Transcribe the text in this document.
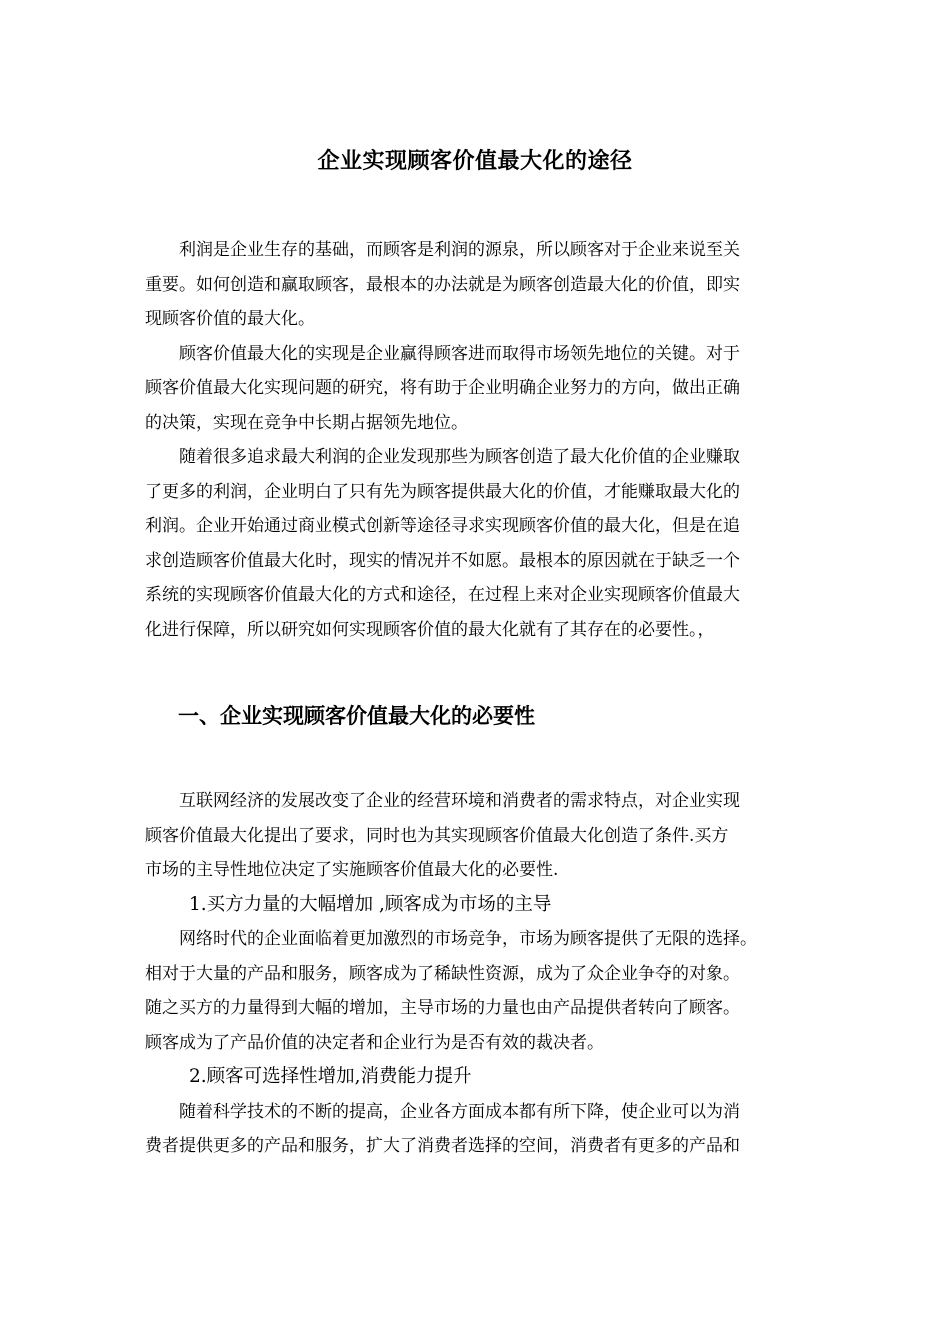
企业实现顾客价值最大化的途径
利润是企业生存的基础，而顾客是利润的源泉，所以顾客对于企业来说至关
重要。如何创造和赢取顾客，最根本的办法就是为顾客创造最大化的价值，即实
现顾客价值的最大化。
顾客价值最大化的实现是企业赢得顾客进而取得市场领先地位的关键。对于
顾客价值最大化实现问题的研究，将有助于企业明确企业努力的方向，做出正确
的决策，实现在竞争中长期占据领先地位。
随着很多追求最大利润的企业发现那些为顾客创造了最大化价值的企业赚取
了更多的利润，企业明白了只有先为顾客提供最大化的价值，才能赚取最大化的
利润。企业开始通过商业模式创新等途径寻求实现顾客价值的最大化，但是在追
求创造顾客价值最大化时，现实的情况并不如愿。最根本的原因就在于缺乏一个
系统的实现顾客价值最大化的方式和途径，在过程上来对企业实现顾客价值最大
化进行保障，所以研究如何实现顾客价值的最大化就有了其存在的必要性。，
一、企业实现顾客价值最大化的必要性
互联网经济的发展改变了企业的经营环境和消费者的需求特点，对企业实现
顾客价值最大化提出了要求，同时也为其实现顾客价值最大化创造了条件.买方
市场的主导性地位决定了实施顾客价值最大化的必要性.
1.买方力量的大幅增加 ,顾客成为市场的主导
网络时代的企业面临着更加激烈的市场竞争，市场为顾客提供了无限的选择。
相对于大量的产品和服务，顾客成为了稀缺性资源，成为了众企业争夺的对象。
随之买方的力量得到大幅的增加，主导市场的力量也由产品提供者转向了顾客。
顾客成为了产品价值的决定者和企业行为是否有效的裁决者。
2.顾客可选择性增加,消费能力提升
随着科学技术的不断的提高，企业各方面成本都有所下降，使企业可以为消
费者提供更多的产品和服务，扩大了消费者选择的空间，消费者有更多的产品和
